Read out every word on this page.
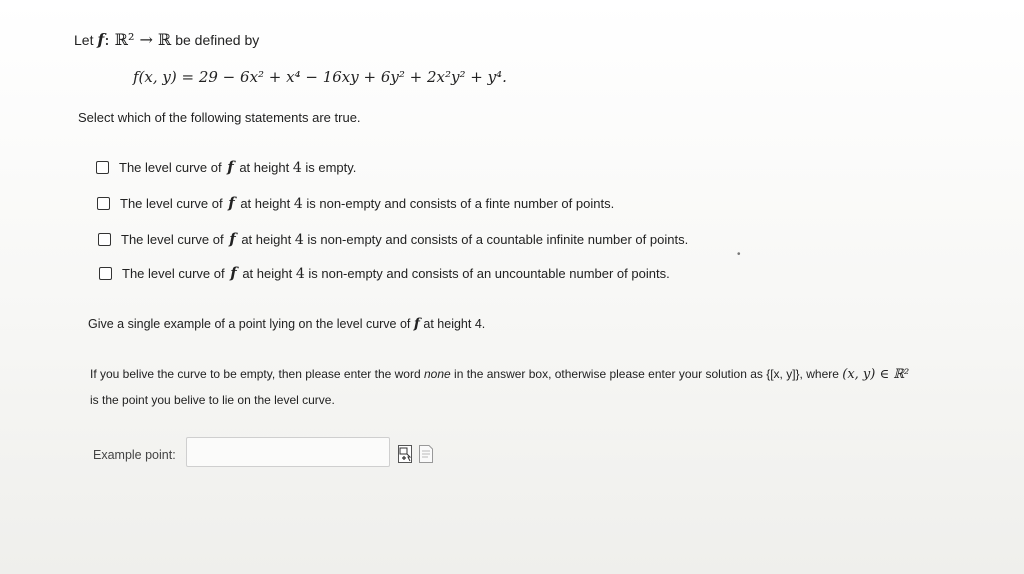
Let f: ℝ² → ℝ be defined by
f(x, y) = 29 − 6x² + x⁴ − 16xy + 6y² + 2x²y² + y⁴.
Select which of the following statements are true.
The level curve of f at height 4 is empty.
The level curve of f at height 4 is non-empty and consists of a finte number of points.
The level curve of f at height 4 is non-empty and consists of a countable infinite number of points.
The level curve of f at height 4 is non-empty and consists of an uncountable number of points.
Give a single example of a point lying on the level curve of f at height 4.
If you belive the curve to be empty, then please enter the word none in the answer box, otherwise please enter your solution as {[x, y]}, where (x, y) ∈ ℝ²
is the point you belive to lie on the level curve.
Example point:
•
